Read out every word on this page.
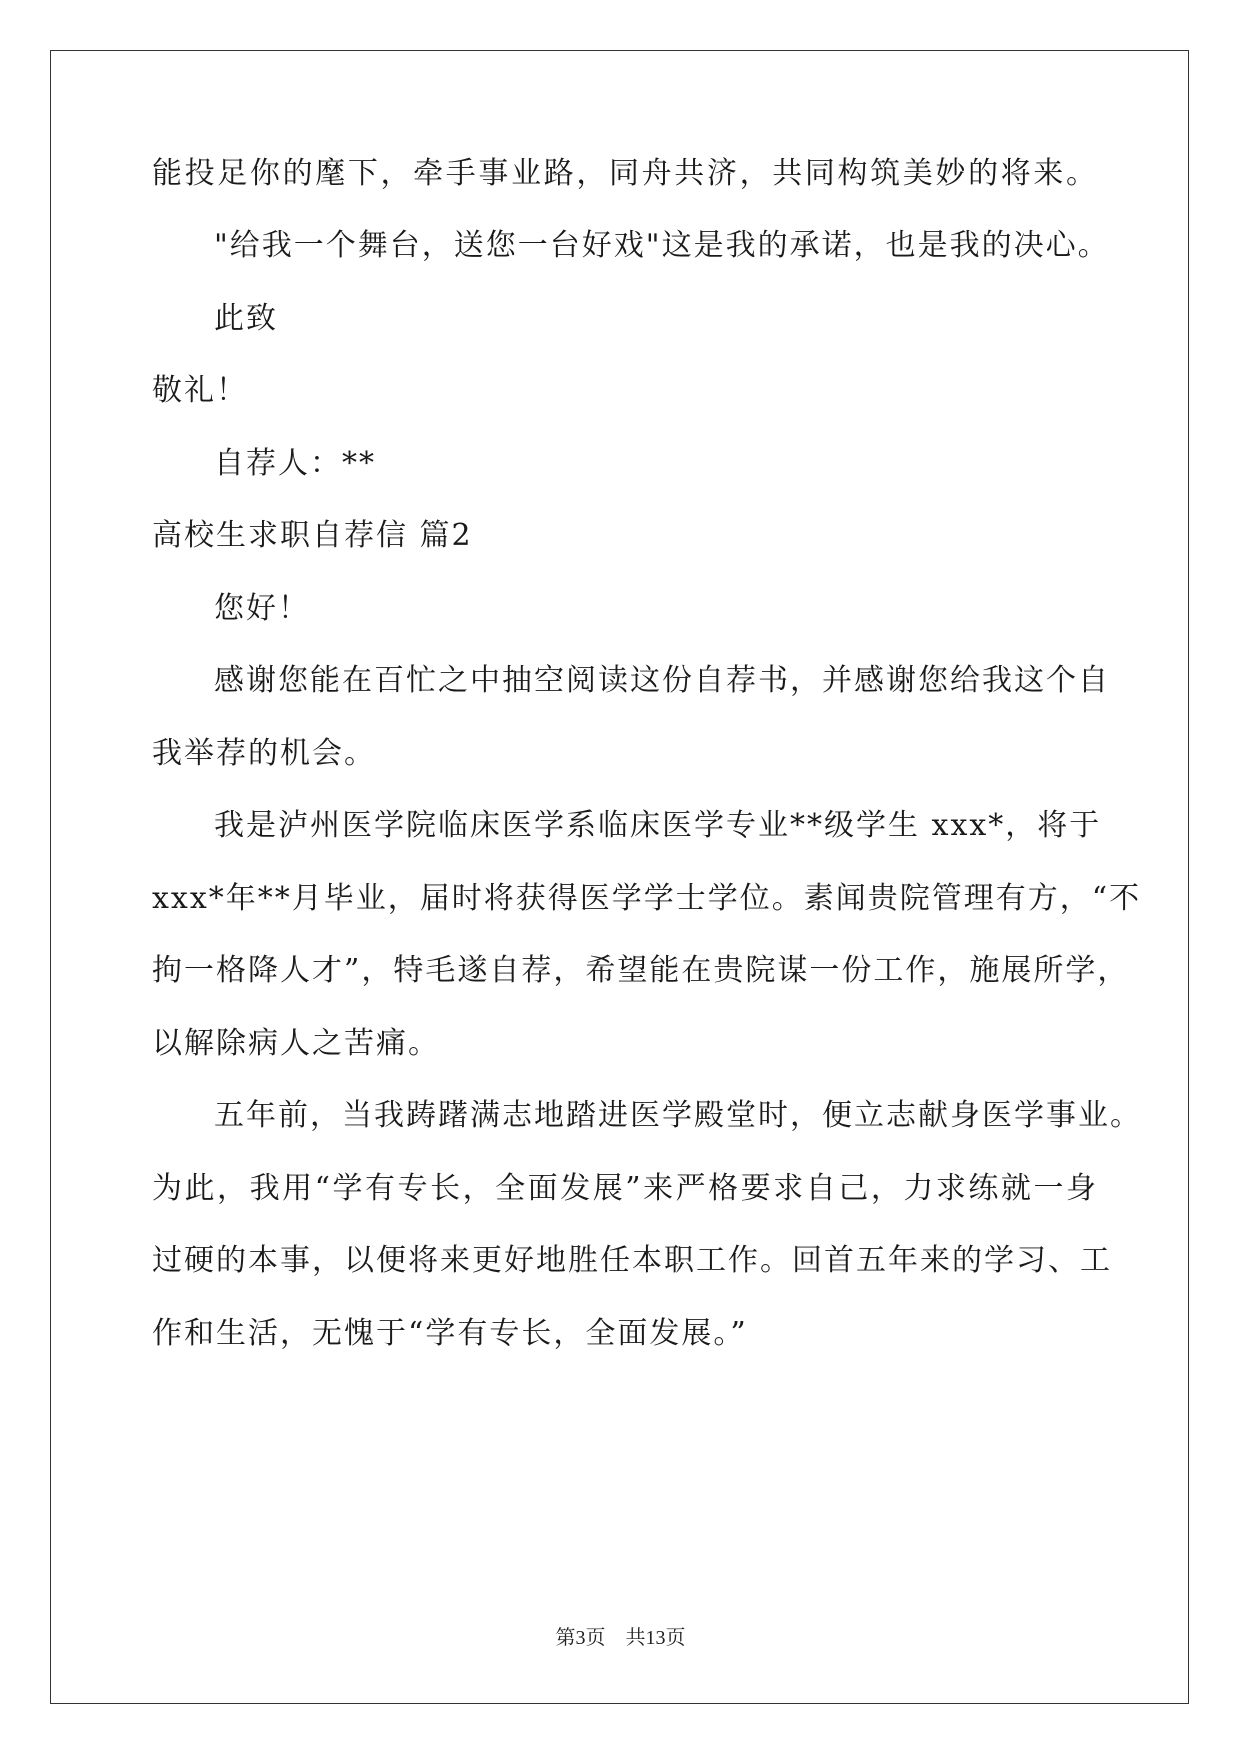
能投足你的麾下，牵手事业路，同舟共济，共同构筑美妙的将来。
"给我一个舞台，送您一台好戏"这是我的承诺，也是我的决心。
此致
敬礼！
自荐人：**
高校生求职自荐信 篇2
您好！
感谢您能在百忙之中抽空阅读这份自荐书，并感谢您给我这个自
我举荐的机会。
我是泸州医学院临床医学系临床医学专业**级学生 xxx*，将于
xxx*年**月毕业，届时将获得医学学士学位。素闻贵院管理有方，“不
拘一格降人才”，特毛遂自荐，希望能在贵院谋一份工作，施展所学，
以解除病人之苦痛。
五年前，当我踌躇满志地踏进医学殿堂时，便立志献身医学事业。
为此，我用“学有专长，全面发展”来严格要求自己，力求练就一身
过硬的本事，以便将来更好地胜任本职工作。回首五年来的学习、工
作和生活，无愧于“学有专长，全面发展。”
第3页　共13页
